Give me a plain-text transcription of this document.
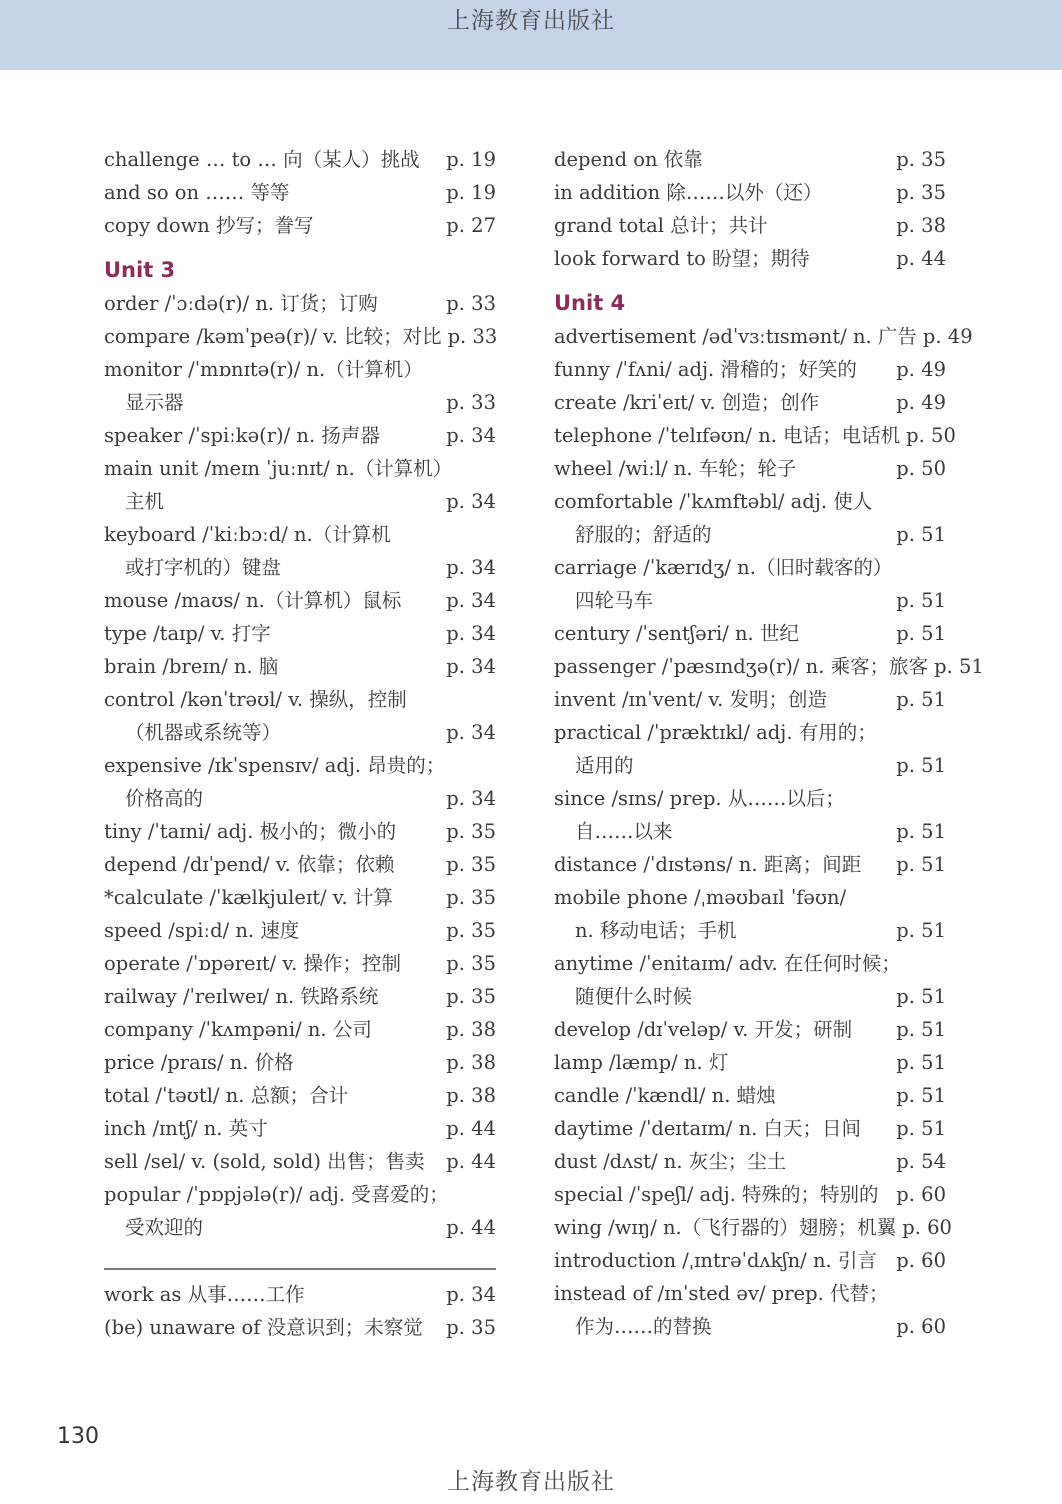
上海教育出版社
challenge … to … 向（某人）挑战	p. 19
and so on …… 等等	p. 19
copy down 抄写；誊写	p. 27
Unit 3
order /ˈɔːdə(r)/ n. 订货；订购	p. 33
compare /kəmˈpeə(r)/ v. 比较；对比 p. 33
monitor /ˈmɒnɪtə(r)/ n.（计算机）
显示器	p. 33
speaker /ˈspiːkə(r)/ n. 扬声器	p. 34
main unit /meɪn ˈjuːnɪt/ n.（计算机）
主机	p. 34
keyboard /ˈkiːbɔːd/ n.（计算机
或打字机的）键盘	p. 34
mouse /maʊs/ n.（计算机）鼠标	p. 34
type /taɪp/ v. 打字	p. 34
brain /breɪn/ n. 脑	p. 34
control /kənˈtrəʊl/ v. 操纵，控制
（机器或系统等）	p. 34
expensive /ɪkˈspensɪv/ adj. 昂贵的；
价格高的	p. 34
tiny /ˈtaɪni/ adj. 极小的；微小的	p. 35
depend /dɪˈpend/ v. 依靠；依赖	p. 35
*calculate /ˈkælkjuleɪt/ v. 计算	p. 35
speed /spiːd/ n. 速度	p. 35
operate /ˈɒpəreɪt/ v. 操作；控制	p. 35
railway /ˈreɪlweɪ/ n. 铁路系统	p. 35
company /ˈkʌmpəni/ n. 公司	p. 38
price /praɪs/ n. 价格	p. 38
total /ˈtəʊtl/ n. 总额；合计	p. 38
inch /ɪntʃ/ n. 英寸	p. 44
sell /sel/ v. (sold, sold) 出售；售卖	p. 44
popular /ˈpɒpjələ(r)/ adj. 受喜爱的；
受欢迎的	p. 44
work as 从事……工作	p. 34
(be) unaware of 没意识到；未察觉	p. 35
depend on 依靠	p. 35
in addition 除……以外（还）	p. 35
grand total 总计；共计	p. 38
look forward to 盼望；期待	p. 44
Unit 4
advertisement /ədˈvɜːtɪsmənt/ n. 广告 p. 49
funny /ˈfʌni/ adj. 滑稽的；好笑的	p. 49
create /kriˈeɪt/ v. 创造；创作	p. 49
telephone /ˈtelɪfəʊn/ n. 电话；电话机 p. 50
wheel /wiːl/ n. 车轮；轮子	p. 50
comfortable /ˈkʌmftəbl/ adj. 使人
舒服的；舒适的	p. 51
carriage /ˈkærɪdʒ/ n.（旧时载客的）
四轮马车	p. 51
century /ˈsentʃəri/ n. 世纪	p. 51
passenger /ˈpæsɪndʒə(r)/ n. 乘客；旅客 p. 51
invent /ɪnˈvent/ v. 发明；创造	p. 51
practical /ˈpræktɪkl/ adj. 有用的；
适用的	p. 51
since /sɪns/ prep. 从……以后；
自……以来	p. 51
distance /ˈdɪstəns/ n. 距离；间距	p. 51
mobile phone /ˌməʊbaɪl ˈfəʊn/
n. 移动电话；手机	p. 51
anytime /ˈenitaɪm/ adv. 在任何时候；
随便什么时候	p. 51
develop /dɪˈveləp/ v. 开发；研制	p. 51
lamp /læmp/ n. 灯	p. 51
candle /ˈkændl/ n. 蜡烛	p. 51
daytime /ˈdeɪtaɪm/ n. 白天；日间	p. 51
dust /dʌst/ n. 灰尘；尘土	p. 54
special /ˈspeʃl/ adj. 特殊的；特别的 p. 60
wing /wɪŋ/ n.（飞行器的）翅膀；机翼 p. 60
introduction /ˌɪntrəˈdʌkʃn/ n. 引言 p. 60
instead of /ɪnˈsted əv/ prep. 代替；
作为……的替换	p. 60
130
上海教育出版社
